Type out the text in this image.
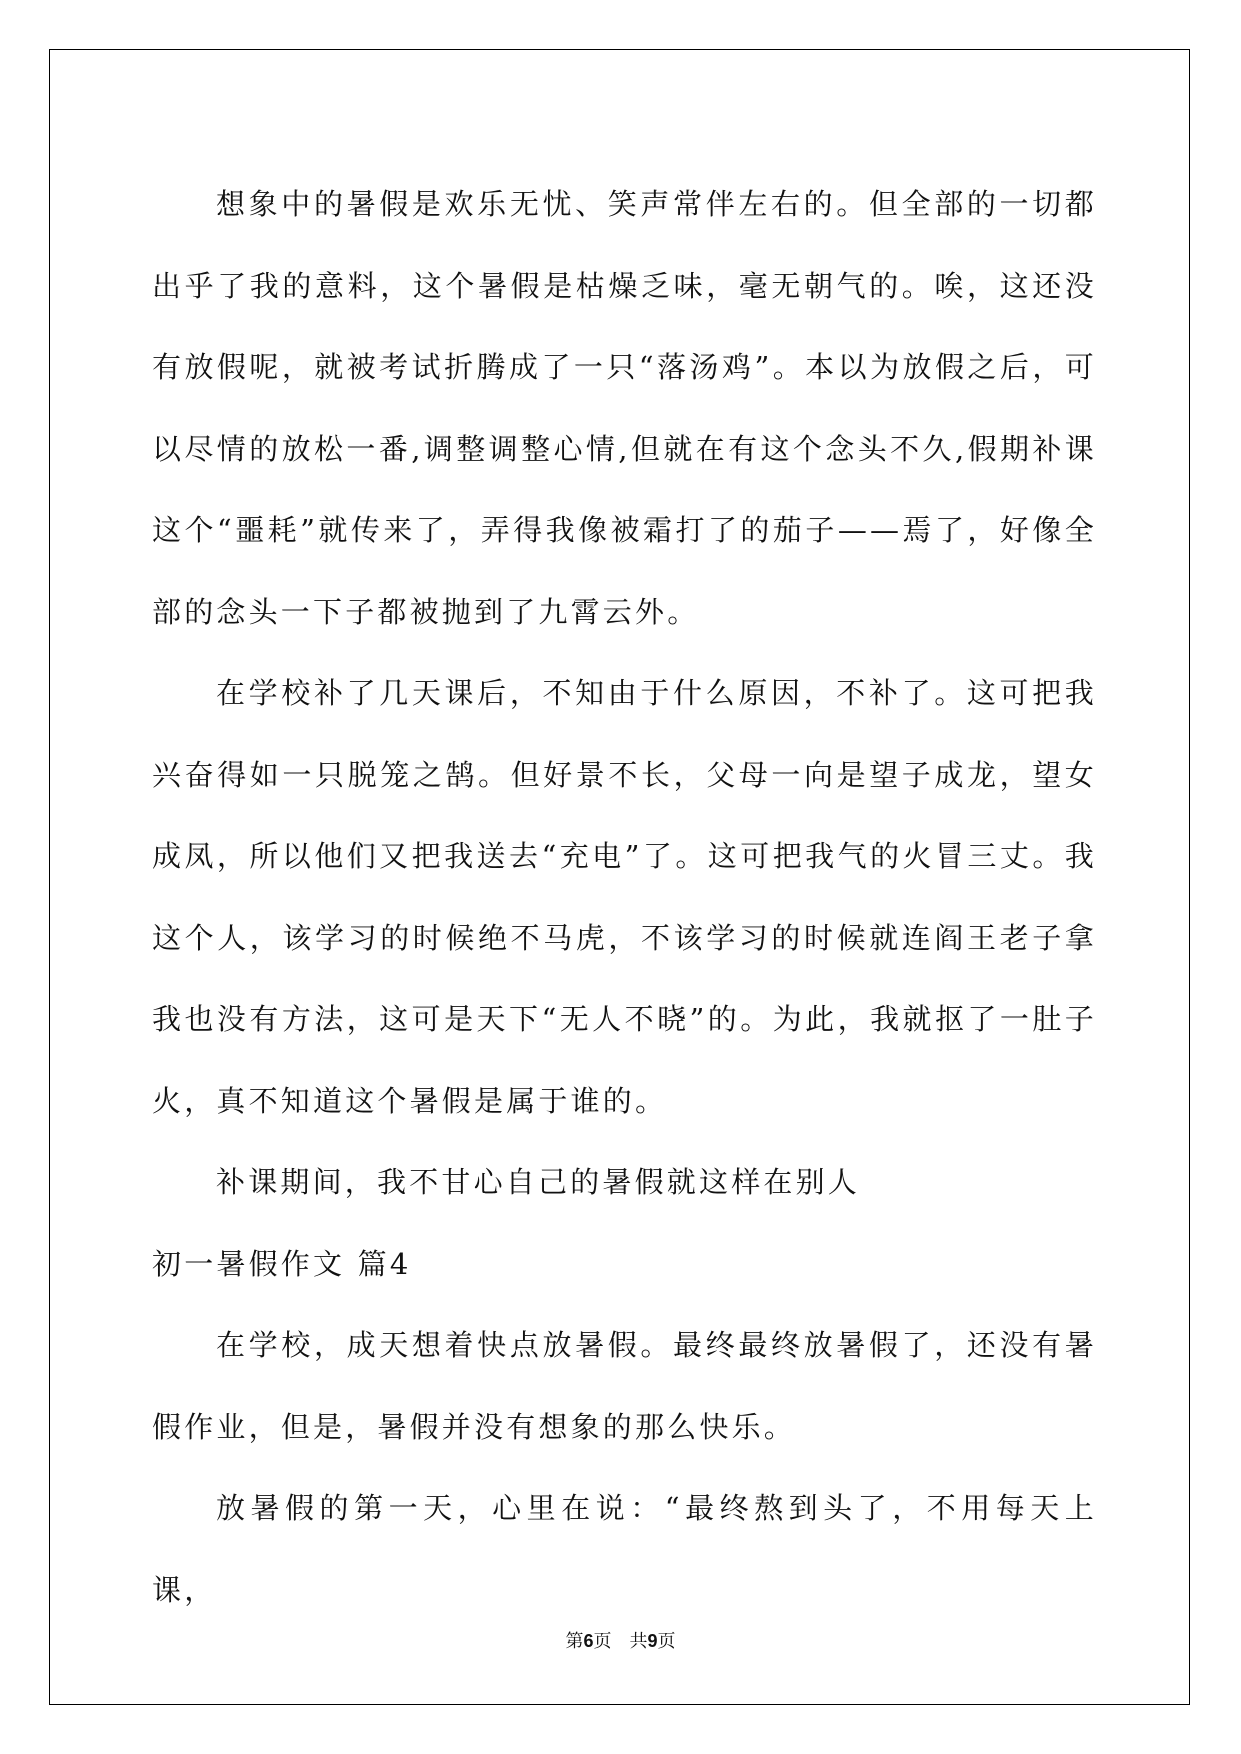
想象中的暑假是欢乐无忧、笑声常伴左右的。但全部的一切都出乎了我的意料，这个暑假是枯燥乏味，毫无朝气的。唉，这还没有放假呢，就被考试折腾成了一只“落汤鸡”。本以为放假之后，可以尽情的放松一番,调整调整心情,但就在有这个念头不久,假期补课这个“噩耗”就传来了，弄得我像被霜打了的茄子——焉了，好像全部的念头一下子都被抛到了九霄云外。

在学校补了几天课后，不知由于什么原因，不补了。这可把我兴奋得如一只脱笼之鹄。但好景不长，父母一向是望子成龙，望女成凤，所以他们又把我送去“充电”了。这可把我气的火冒三丈。我这个人，该学习的时候绝不马虎，不该学习的时候就连阎王老子拿我也没有方法，这可是天下“无人不晓”的。为此，我就抠了一肚子火，真不知道这个暑假是属于谁的。

补课期间，我不甘心自己的暑假就这样在别人

初一暑假作文 篇4

在学校，成天想着快点放暑假。最终最终放暑假了，还没有暑假作业，但是，暑假并没有想象的那么快乐。

放暑假的第一天，心里在说：“最终熬到头了，不用每天上课，

第6页　共9页
